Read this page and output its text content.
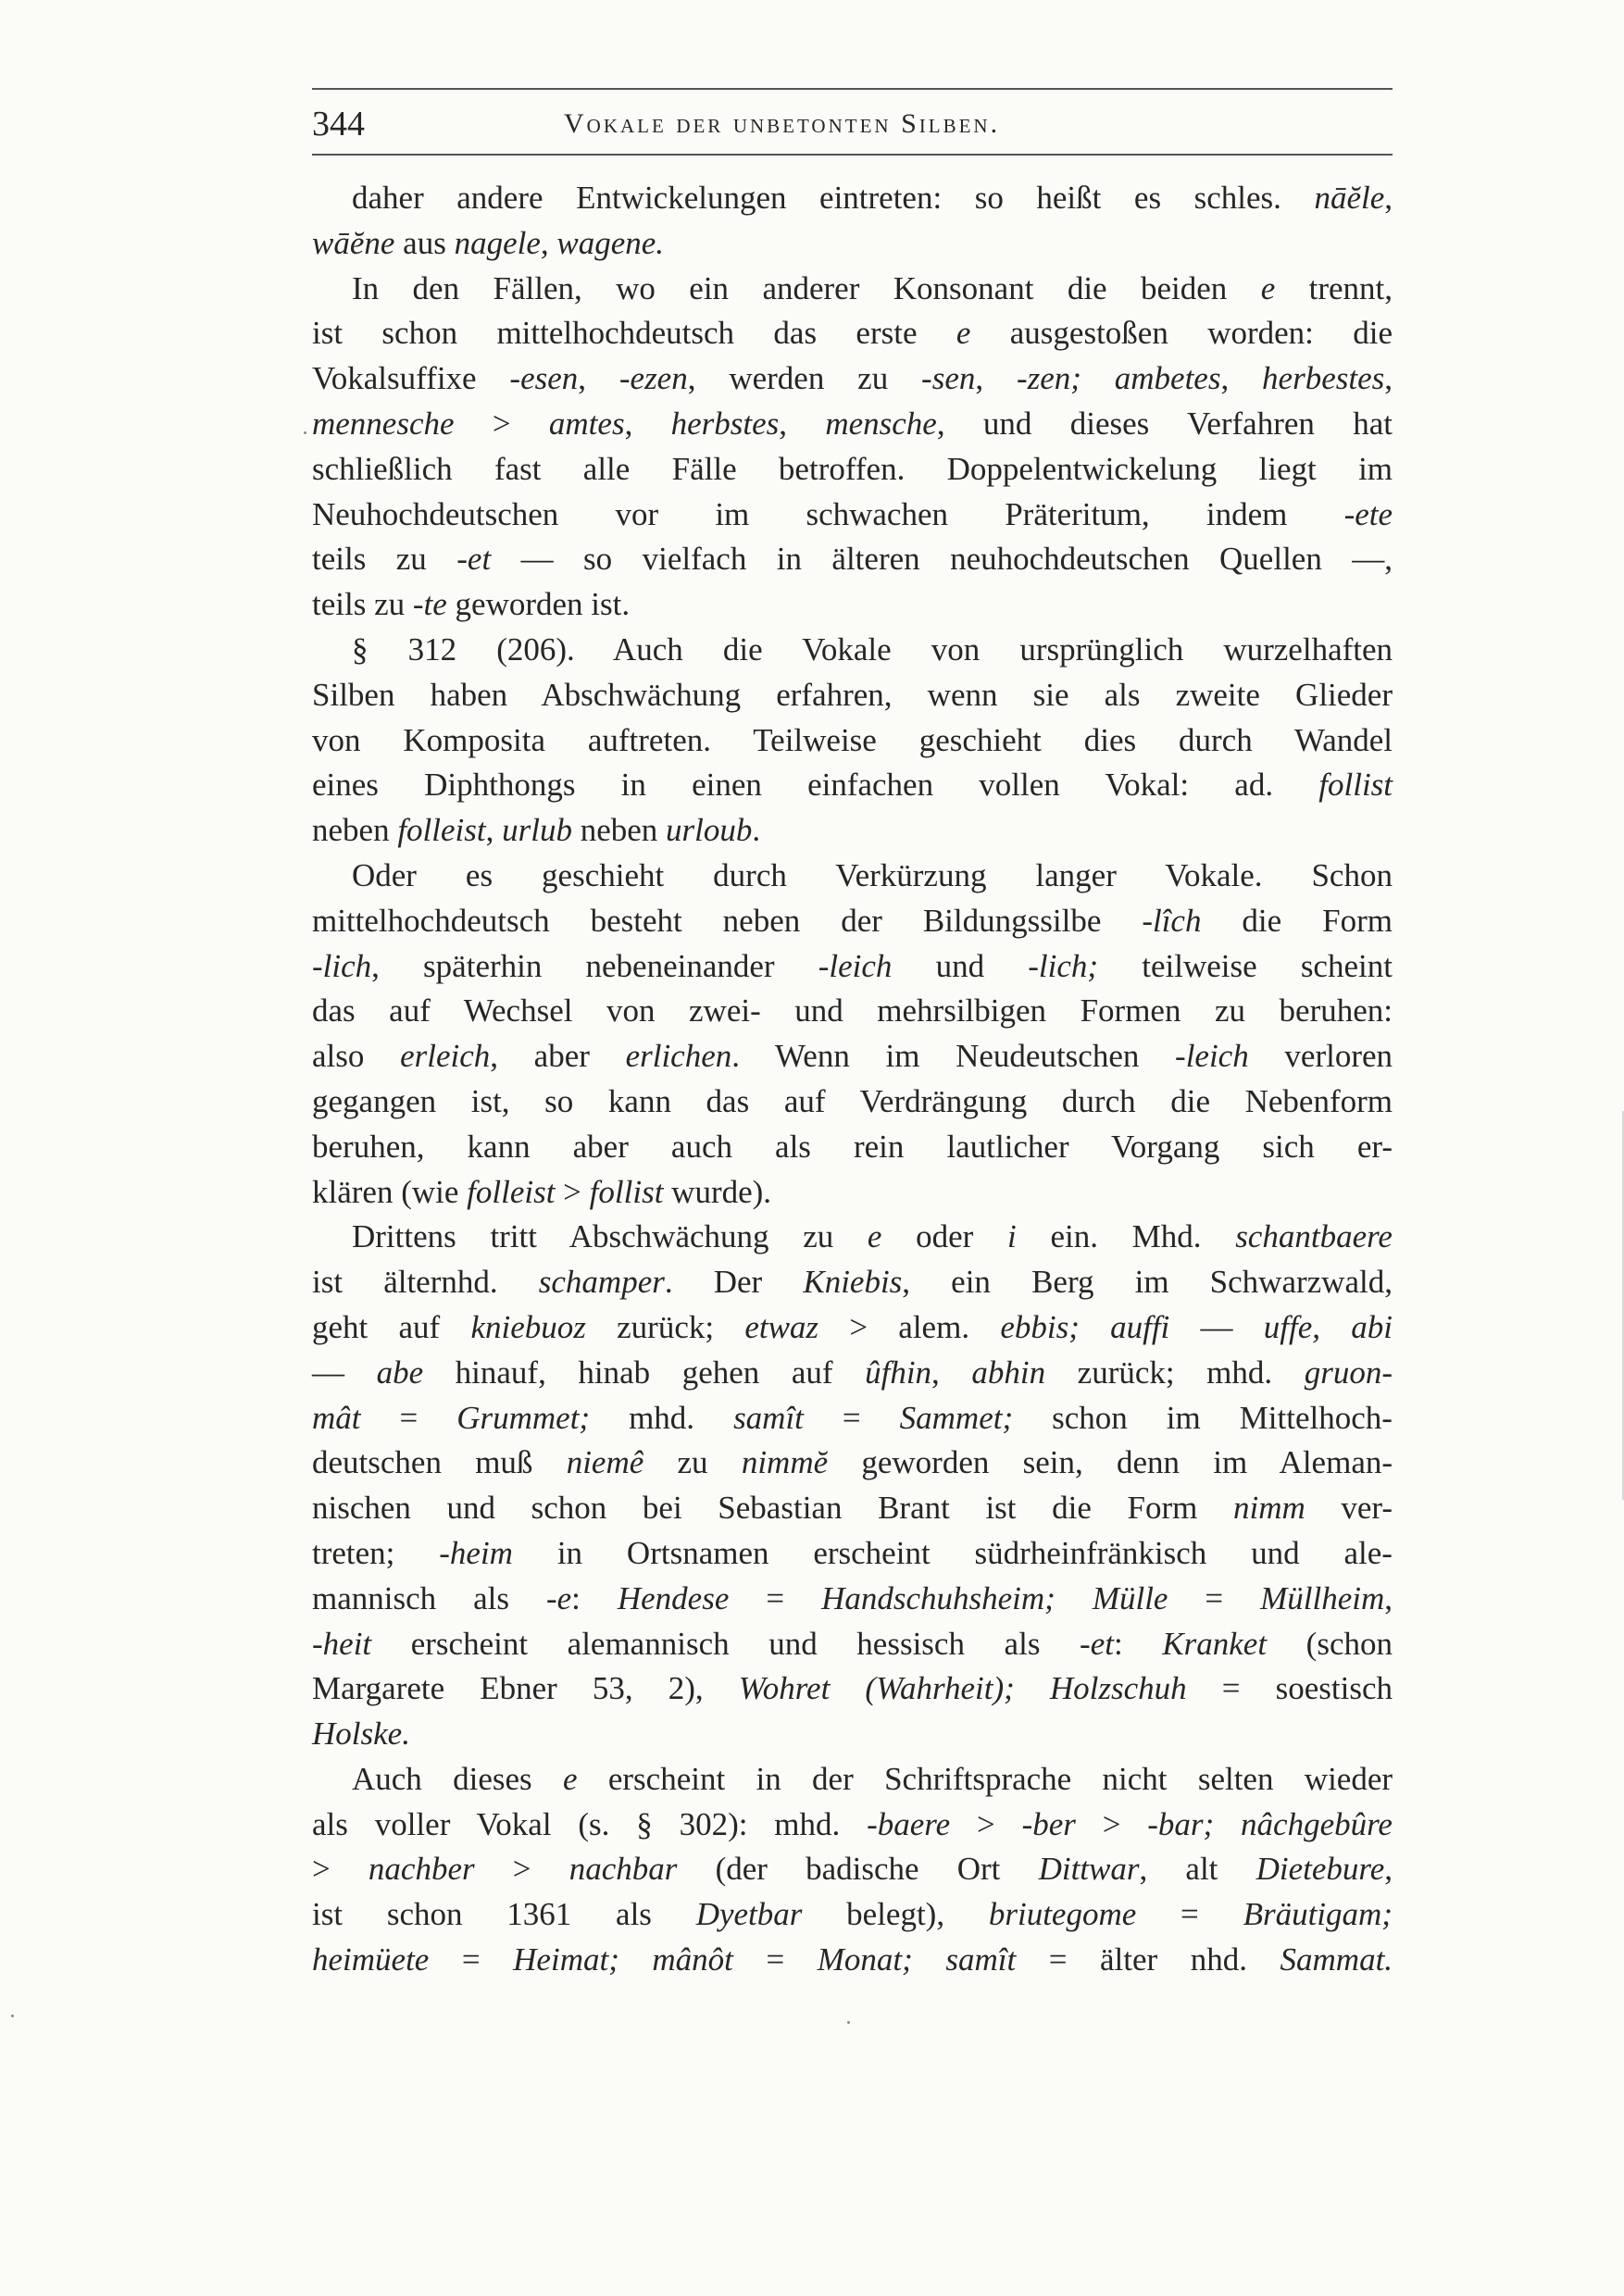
344	Vokale der unbetonten Silben.
daher andere Entwickelungen eintreten: so heißt es schles. nāĕle,
wāĕne aus nagele, wagene.
In den Fällen, wo ein anderer Konsonant die beiden e trennt,
ist schon mittelhochdeutsch das erste e ausgestoßen worden: die
Vokalsuffixe -esen, -ezen, werden zu -sen, -zen; ambetes, herbestes,
mennesche > amtes, herbstes, mensche, und dieses Verfahren hat
schließlich fast alle Fälle betroffen. Doppelentwickelung liegt im
Neuhochdeutschen vor im schwachen Präteritum, indem -ete
teils zu -et — so vielfach in älteren neuhochdeutschen Quellen —,
teils zu -te geworden ist.
§ 312 (206). Auch die Vokale von ursprünglich wurzelhaften
Silben haben Abschwächung erfahren, wenn sie als zweite Glieder
von Komposita auftreten. Teilweise geschieht dies durch Wandel
eines Diphthongs in einen einfachen vollen Vokal: ad. follist
neben folleist, urlub neben urloub.
Oder es geschieht durch Verkürzung langer Vokale. Schon
mittelhochdeutsch besteht neben der Bildungssilbe -lîch die Form
-lich, späterhin nebeneinander -leich und -lich; teilweise scheint
das auf Wechsel von zwei- und mehrsilbigen Formen zu beruhen:
also erleich, aber erlichen. Wenn im Neudeutschen -leich verloren
gegangen ist, so kann das auf Verdrängung durch die Nebenform
beruhen, kann aber auch als rein lautlicher Vorgang sich er-
klären (wie folleist > follist wurde).
Drittens tritt Abschwächung zu e oder i ein. Mhd. schantbaere
ist älternhd. schamper. Der Kniebis, ein Berg im Schwarzwald,
geht auf kniebuoz zurück; etwaz > alem. ebbis; auffi — uffe, abi
— abe hinauf, hinab gehen auf ûfhin, abhin zurück; mhd. gruon-
mât = Grummet; mhd. samît = Sammet; schon im Mittelhoch-
deutschen muß niemê zu nimmĕ geworden sein, denn im Aleman-
nischen und schon bei Sebastian Brant ist die Form nimm ver-
treten; -heim in Ortsnamen erscheint südrheinfränkisch und ale-
mannisch als -e: Hendese = Handschuhsheim; Mülle = Müllheim,
-heit erscheint alemannisch und hessisch als -et: Kranket (schon
Margarete Ebner 53, 2), Wohret (Wahrheit); Holzschuh = soestisch
Holske.
Auch dieses e erscheint in der Schriftsprache nicht selten wieder
als voller Vokal (s. § 302): mhd. -baere > -ber > -bar; nâchgebûre
> nachber > nachbar (der badische Ort Dittwar, alt Dietebure,
ist schon 1361 als Dyetbar belegt), briutegome = Bräutigam;
heimüete = Heimat; mânôt = Monat; samît = älter nhd. Sammat.
